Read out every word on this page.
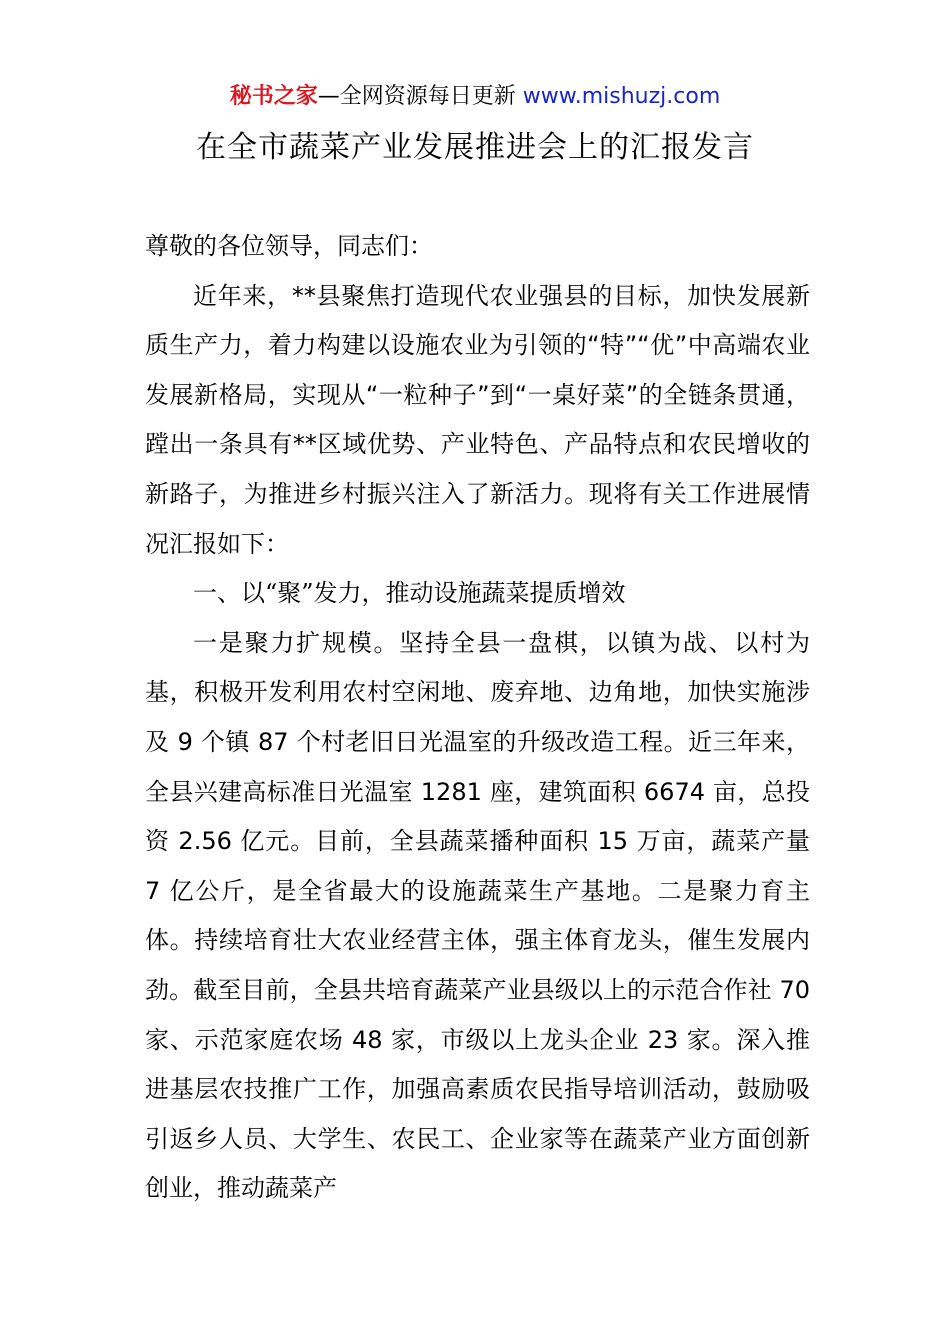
秘书之家—全网资源每日更新 www.mishuzj.com
在全市蔬菜产业发展推进会上的汇报发言

尊敬的各位领导，同志们：

近年来，**县聚焦打造现代农业强县的目标，加快发展新质生产力，着力构建以设施农业为引领的“特”“优”中高端农业发展新格局，实现从“一粒种子”到“一桌好菜”的全链条贯通，蹚出一条具有**区域优势、产业特色、产品特点和农民增收的新路子，为推进乡村振兴注入了新活力。现将有关工作进展情况汇报如下：

一、以“聚”发力，推动设施蔬菜提质增效

一是聚力扩规模。坚持全县一盘棋，以镇为战、以村为基，积极开发利用农村空闲地、废弃地、边角地，加快实施涉及 9 个镇 87 个村老旧日光温室的升级改造工程。近三年来，全县兴建高标准日光温室 1281 座，建筑面积 6674 亩，总投资 2.56 亿元。目前，全县蔬菜播种面积 15 万亩，蔬菜产量 7 亿公斤，是全省最大的设施蔬菜生产基地。二是聚力育主体。持续培育壮大农业经营主体，强主体育龙头，催生发展内劲。截至目前，全县共培育蔬菜产业县级以上的示范合作社 70 家、示范家庭农场 48 家，市级以上龙头企业 23 家。深入推进基层农技推广工作，加强高素质农民指导培训活动，鼓励吸引返乡人员、大学生、农民工、企业家等在蔬菜产业方面创新创业，推动蔬菜产
